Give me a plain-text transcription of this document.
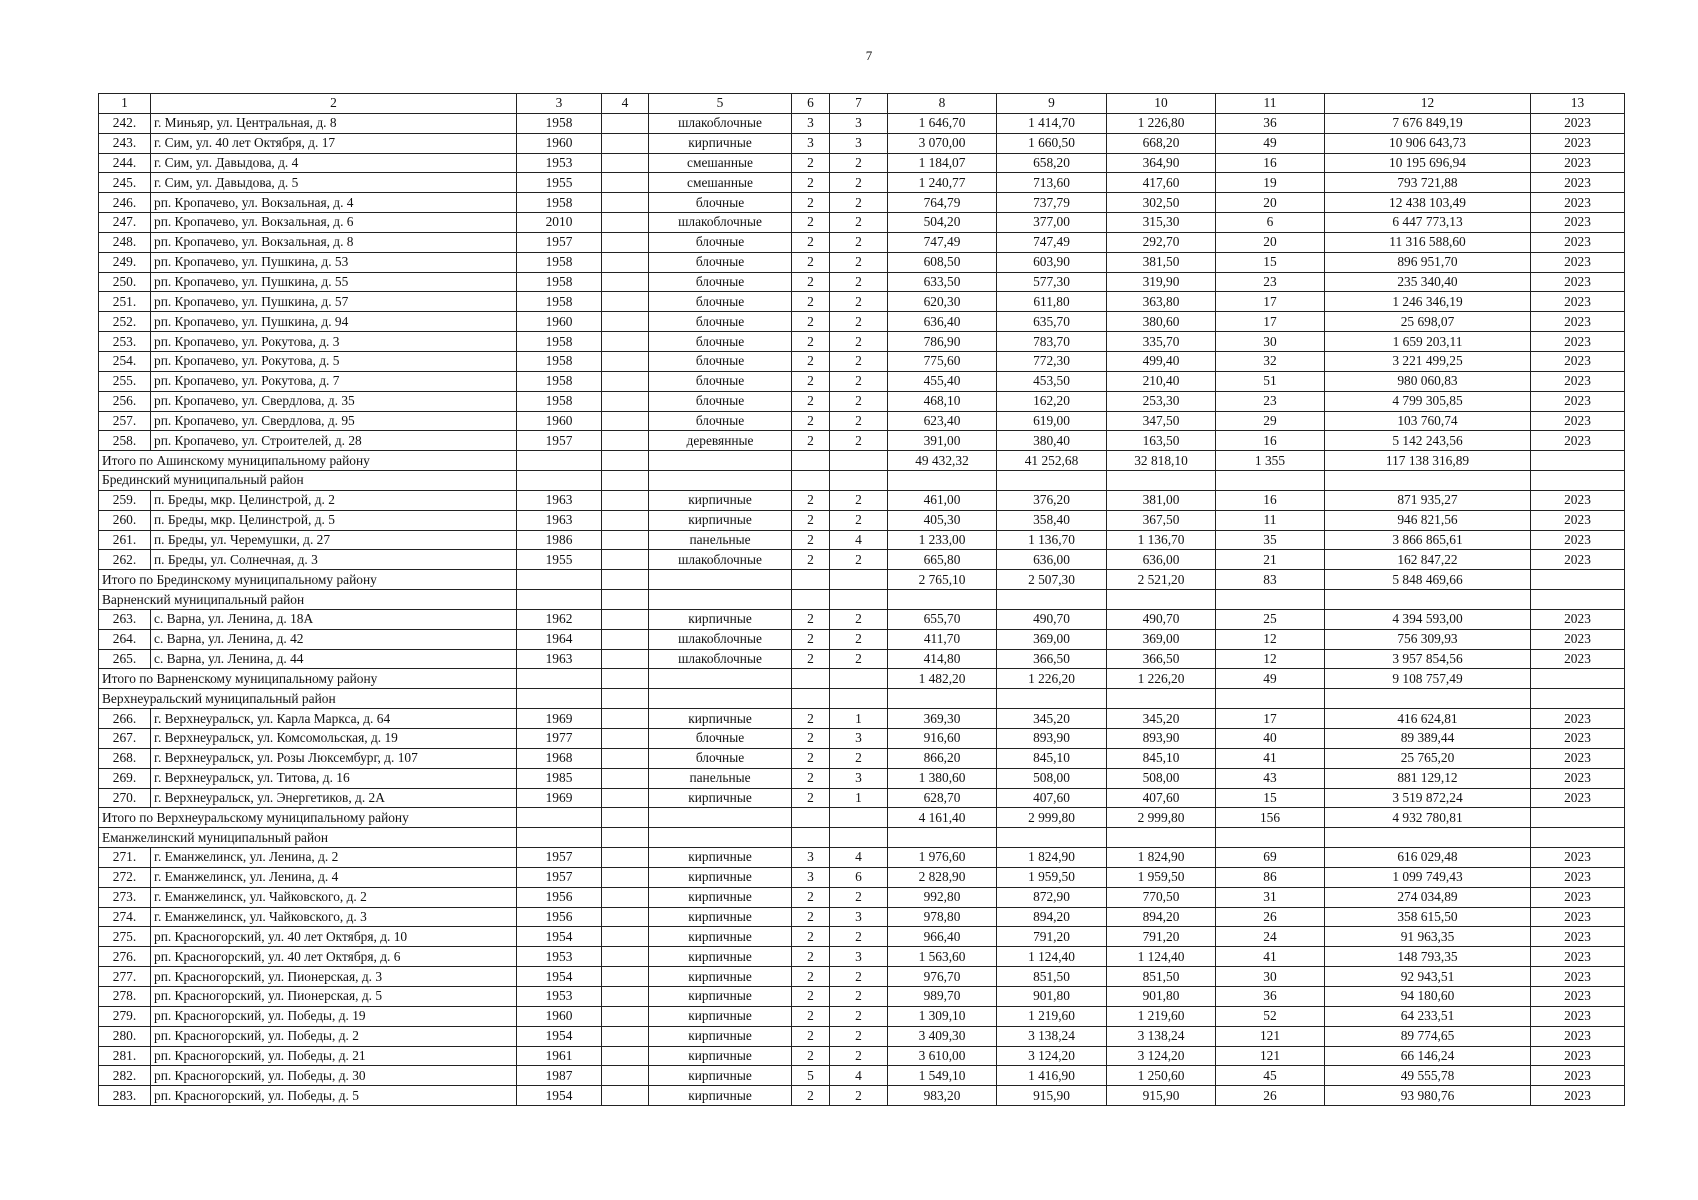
7
1	2	3	4	5	6	7	8	9	10	11	12	13
242.	г. Миньяр, ул. Центральная, д. 8	1958		шлакоблочные	3	3	1 646,70	1 414,70	1 226,80	36	7 676 849,19	2023
243.	г. Сим, ул. 40 лет Октября, д. 17	1960		кирпичные	3	3	3 070,00	1 660,50	668,20	49	10 906 643,73	2023
244.	г. Сим, ул. Давыдова, д. 4	1953		смешанные	2	2	1 184,07	658,20	364,90	16	10 195 696,94	2023
245.	г. Сим, ул. Давыдова, д. 5	1955		смешанные	2	2	1 240,77	713,60	417,60	19	793 721,88	2023
246.	рп. Кропачево, ул. Вокзальная, д. 4	1958		блочные	2	2	764,79	737,79	302,50	20	12 438 103,49	2023
247.	рп. Кропачево, ул. Вокзальная, д. 6	2010		шлакоблочные	2	2	504,20	377,00	315,30	6	6 447 773,13	2023
248.	рп. Кропачево, ул. Вокзальная, д. 8	1957		блочные	2	2	747,49	747,49	292,70	20	11 316 588,60	2023
249.	рп. Кропачево, ул. Пушкина, д. 53	1958		блочные	2	2	608,50	603,90	381,50	15	896 951,70	2023
250.	рп. Кропачево, ул. Пушкина, д. 55	1958		блочные	2	2	633,50	577,30	319,90	23	235 340,40	2023
251.	рп. Кропачево, ул. Пушкина, д. 57	1958		блочные	2	2	620,30	611,80	363,80	17	1 246 346,19	2023
252.	рп. Кропачево, ул. Пушкина, д. 94	1960		блочные	2	2	636,40	635,70	380,60	17	25 698,07	2023
253.	рп. Кропачево, ул. Рокутова, д. 3	1958		блочные	2	2	786,90	783,70	335,70	30	1 659 203,11	2023
254.	рп. Кропачево, ул. Рокутова, д. 5	1958		блочные	2	2	775,60	772,30	499,40	32	3 221 499,25	2023
255.	рп. Кропачево, ул. Рокутова, д. 7	1958		блочные	2	2	455,40	453,50	210,40	51	980 060,83	2023
256.	рп. Кропачево, ул. Свердлова, д. 35	1958		блочные	2	2	468,10	162,20	253,30	23	4 799 305,85	2023
257.	рп. Кропачево, ул. Свердлова, д. 95	1960		блочные	2	2	623,40	619,00	347,50	29	103 760,74	2023
258.	рп. Кропачево, ул. Строителей, д. 28	1957		деревянные	2	2	391,00	380,40	163,50	16	5 142 243,56	2023
Итого по Ашинскому муниципальному району							49 432,32	41 252,68	32 818,10	1 355	117 138 316,89	
Брединский муниципальный район												
259.	п. Бреды, мкр. Целинстрой, д. 2	1963		кирпичные	2	2	461,00	376,20	381,00	16	871 935,27	2023
260.	п. Бреды, мкр. Целинстрой, д. 5	1963		кирпичные	2	2	405,30	358,40	367,50	11	946 821,56	2023
261.	п. Бреды, ул. Черемушки, д. 27	1986		панельные	2	4	1 233,00	1 136,70	1 136,70	35	3 866 865,61	2023
262.	п. Бреды, ул. Солнечная, д. 3	1955		шлакоблочные	2	2	665,80	636,00	636,00	21	162 847,22	2023
Итого по Брединскому муниципальному району							2 765,10	2 507,30	2 521,20	83	5 848 469,66	
Варненский муниципальный район												
263.	с. Варна, ул. Ленина, д. 18А	1962		кирпичные	2	2	655,70	490,70	490,70	25	4 394 593,00	2023
264.	с. Варна, ул. Ленина, д. 42	1964		шлакоблочные	2	2	411,70	369,00	369,00	12	756 309,93	2023
265.	с. Варна, ул. Ленина, д. 44	1963		шлакоблочные	2	2	414,80	366,50	366,50	12	3 957 854,56	2023
Итого по Варненскому муниципальному району							1 482,20	1 226,20	1 226,20	49	9 108 757,49	
Верхнеуральский муниципальный район												
266.	г. Верхнеуральск, ул. Карла Маркса, д. 64	1969		кирпичные	2	1	369,30	345,20	345,20	17	416 624,81	2023
267.	г. Верхнеуральск, ул. Комсомольская, д. 19	1977		блочные	2	3	916,60	893,90	893,90	40	89 389,44	2023
268.	г. Верхнеуральск, ул. Розы Люксембург, д. 107	1968		блочные	2	2	866,20	845,10	845,10	41	25 765,20	2023
269.	г. Верхнеуральск, ул. Титова, д. 16	1985		панельные	2	3	1 380,60	508,00	508,00	43	881 129,12	2023
270.	г. Верхнеуральск, ул. Энергетиков, д. 2А	1969		кирпичные	2	1	628,70	407,60	407,60	15	3 519 872,24	2023
Итого по Верхнеуральскому муниципальному району							4 161,40	2 999,80	2 999,80	156	4 932 780,81	
Еманжелинский муниципальный район												
271.	г. Еманжелинск, ул. Ленина, д. 2	1957		кирпичные	3	4	1 976,60	1 824,90	1 824,90	69	616 029,48	2023
272.	г. Еманжелинск, ул. Ленина, д. 4	1957		кирпичные	3	6	2 828,90	1 959,50	1 959,50	86	1 099 749,43	2023
273.	г. Еманжелинск, ул. Чайковского, д. 2	1956		кирпичные	2	2	992,80	872,90	770,50	31	274 034,89	2023
274.	г. Еманжелинск, ул. Чайковского, д. 3	1956		кирпичные	2	3	978,80	894,20	894,20	26	358 615,50	2023
275.	рп. Красногорский, ул. 40 лет Октября, д. 10	1954		кирпичные	2	2	966,40	791,20	791,20	24	91 963,35	2023
276.	рп. Красногорский, ул. 40 лет Октября, д. 6	1953		кирпичные	2	3	1 563,60	1 124,40	1 124,40	41	148 793,35	2023
277.	рп. Красногорский, ул. Пионерская, д. 3	1954		кирпичные	2	2	976,70	851,50	851,50	30	92 943,51	2023
278.	рп. Красногорский, ул. Пионерская, д. 5	1953		кирпичные	2	2	989,70	901,80	901,80	36	94 180,60	2023
279.	рп. Красногорский, ул. Победы, д. 19	1960		кирпичные	2	2	1 309,10	1 219,60	1 219,60	52	64 233,51	2023
280.	рп. Красногорский, ул. Победы, д. 2	1954		кирпичные	2	2	3 409,30	3 138,24	3 138,24	121	89 774,65	2023
281.	рп. Красногорский, ул. Победы, д. 21	1961		кирпичные	2	2	3 610,00	3 124,20	3 124,20	121	66 146,24	2023
282.	рп. Красногорский, ул. Победы, д. 30	1987		кирпичные	5	4	1 549,10	1 416,90	1 250,60	45	49 555,78	2023
283.	рп. Красногорский, ул. Победы, д. 5	1954		кирпичные	2	2	983,20	915,90	915,90	26	93 980,76	2023
